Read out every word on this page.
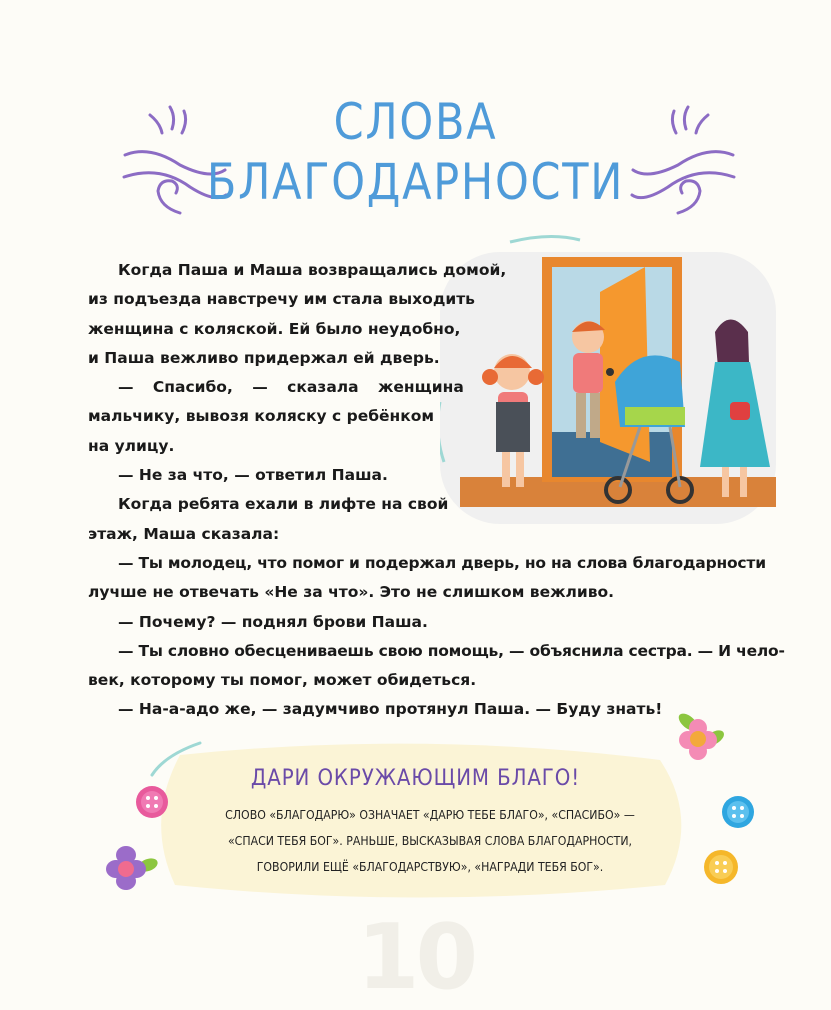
СЛОВА
БЛАГОДАРНОСТИ

Когда Паша и Маша возвращались домой,

из подъезда навстречу им стала выходить

женщина с коляской. Ей было неудобно,

и Паша вежливо придержал ей дверь.

— Спасибо, — сказала женщина

мальчику, вывозя коляску с ребёнком

на улицу.

— Не за что, — ответил Паша.

Когда ребята ехали в лифте на свой

этаж, Маша сказала:

— Ты молодец, что помог и подержал дверь, но на слова благодарности

лучше не отвечать «Не за что». Это не слишком вежливо.

— Почему? — поднял брови Паша.

— Ты словно обесцениваешь свою помощь, — объяснила сестра. — И чело-

век, которому ты помог, может обидеться.

— На-а-адо же, — задумчиво протянул Паша. — Буду знать!

ДАРИ ОКРУЖАЮЩИМ БЛАГО!
СЛОВО «БЛАГОДАРЮ» ОЗНАЧАЕТ «ДАРЮ ТЕБЕ БЛАГО», «СПАСИБО» —
«СПАСИ ТЕБЯ БОГ». РАНЬШЕ, ВЫСКАЗЫВАЯ СЛОВА БЛАГОДАРНОСТИ,
ГОВОРИЛИ ЕЩЁ «БЛАГОДАРСТВУЮ», «НАГРАДИ ТЕБЯ БОГ».
10
